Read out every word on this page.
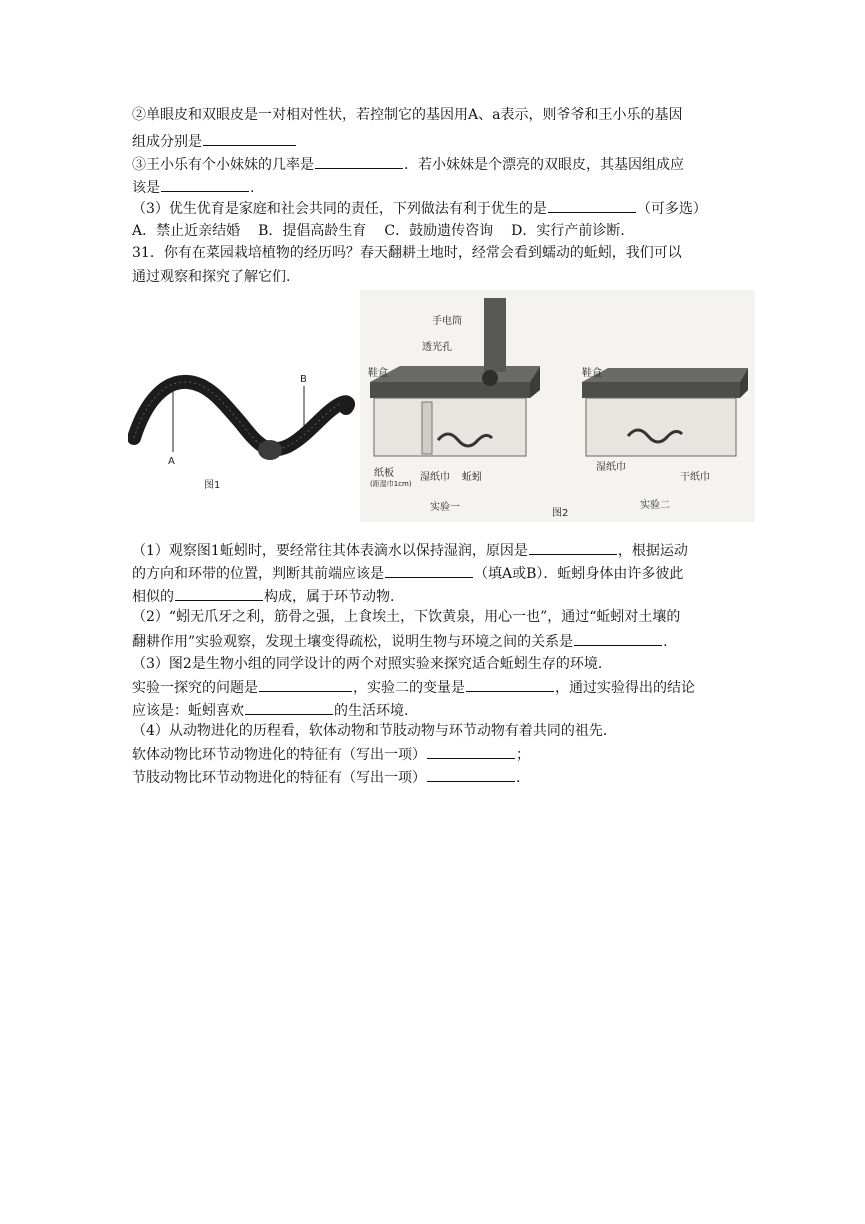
②单眼皮和双眼皮是一对相对性状，若控制它的基因用A、a表示，则爷爷和王小乐的基因
组成分别是
③王小乐有个小妹妹的几率是	．若小妹妹是个漂亮的双眼皮，其基因组成应
该是	.
（3）优生优育是家庭和社会共同的责任，下列做法有利于优生的是	（可多选）
A．禁止近亲结婚 B．提倡高龄生育 C．鼓励遗传咨询 D．实行产前诊断.
31．你有在菜园栽培植物的经历吗？春天翻耕土地时，经常会看到蠕动的蚯蚓，我们可以
通过观察和探究了解它们.
A
B
图1
手电筒
透光孔
鞋盒
纸板
(距湿巾1cm)
湿纸巾 蚯蚓
实验一
鞋盒
湿纸巾
干纸巾
实验二
图2
（1）观察图1蚯蚓时，要经常往其体表滴水以保持湿润，原因是	，根据运动
的方向和环带的位置，判断其前端应该是	（填A或B）．蚯蚓身体由许多彼此
相似的	构成，属于环节动物.
（2）“蚓无爪牙之利，筋骨之强，上食埃土，下饮黄泉，用心一也”，通过“蚯蚓对土壤的
翻耕作用”实验观察，发现土壤变得疏松，说明生物与环境之间的关系是	.
（3）图2是生物小组的同学设计的两个对照实验来探究适合蚯蚓生存的环境.
实验一探究的问题是	，实验二的变量是	，通过实验得出的结论
应该是：蚯蚓喜欢	的生活环境.
（4）从动物进化的历程看，软体动物和节肢动物与环节动物有着共同的祖先.
软体动物比环节动物进化的特征有（写出一项）	；
节肢动物比环节动物进化的特征有（写出一项）	.
